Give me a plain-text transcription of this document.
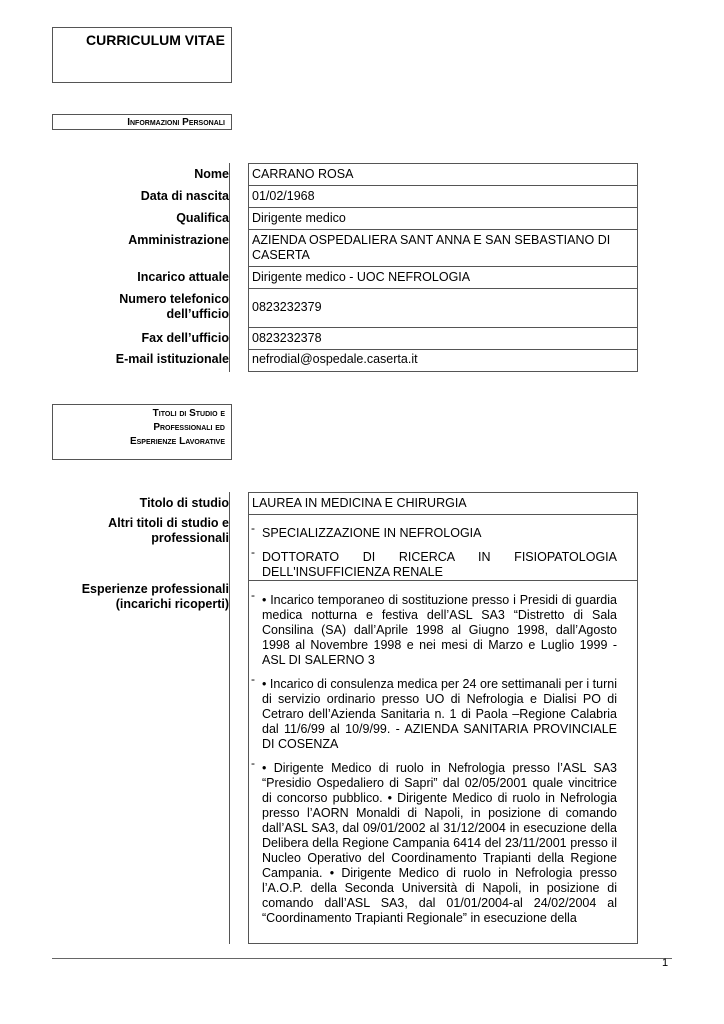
CURRICULUM VITAE
Informazioni Personali
Nome CARRANO ROSA
Data di nascita 01/02/1968
Qualifica Dirigente medico
Amministrazione AZIENDA OSPEDALIERA SANT ANNA E SAN SEBASTIANO DI CASERTA
Incarico attuale Dirigente medico - UOC NEFROLOGIA
Numero telefonico dell’ufficio 0823232379
Fax dell’ufficio 0823232378
E-mail istituzionale nefrodial@ospedale.caserta.it
Titoli di Studio e
Professionali ed
Esperienze Lavorative
Titolo di studio LAUREA IN MEDICINA E CHIRURGIA
Altri titoli di studio e professionali
- SPECIALIZZAZIONE IN NEFROLOGIA
- DOTTORATO DI RICERCA IN FISIOPATOLOGIA DELL'INSUFFICIENZA RENALE
Esperienze professionali (incarichi ricoperti)
- • Incarico temporaneo di sostituzione presso i Presidi di guardia medica notturna e festiva dell’ASL SA3 “Distretto di Sala Consilina (SA) dall’Aprile 1998 al Giugno 1998, dall’Agosto 1998 al Novembre 1998 e nei mesi di Marzo e Luglio 1999 - ASL DI SALERNO 3
- • Incarico di consulenza medica per 24 ore settimanali per i turni di servizio ordinario presso UO di Nefrologia e Dialisi PO di Cetraro dell’Azienda Sanitaria n. 1 di Paola –Regione Calabria dal 11/6/99 al 10/9/99. - AZIENDA SANITARIA PROVINCIALE DI COSENZA
- • Dirigente Medico di ruolo in Nefrologia presso l’ASL SA3 “Presidio Ospedaliero di Sapri” dal 02/05/2001 quale vincitrice di concorso pubblico. • Dirigente Medico di ruolo in Nefrologia presso l’AORN Monaldi di Napoli, in posizione di comando dall’ASL SA3, dal 09/01/2002 al 31/12/2004 in esecuzione della Delibera della Regione Campania 6414 del 23/11/2001 presso il Nucleo Operativo del Coordinamento Trapianti della Regione Campania. • Dirigente Medico di ruolo in Nefrologia presso l’A.O.P. della Seconda Università di Napoli, in posizione di comando dall’ASL SA3, dal 01/01/2004-al 24/02/2004 al “Coordinamento Trapianti Regionale” in esecuzione della
1
